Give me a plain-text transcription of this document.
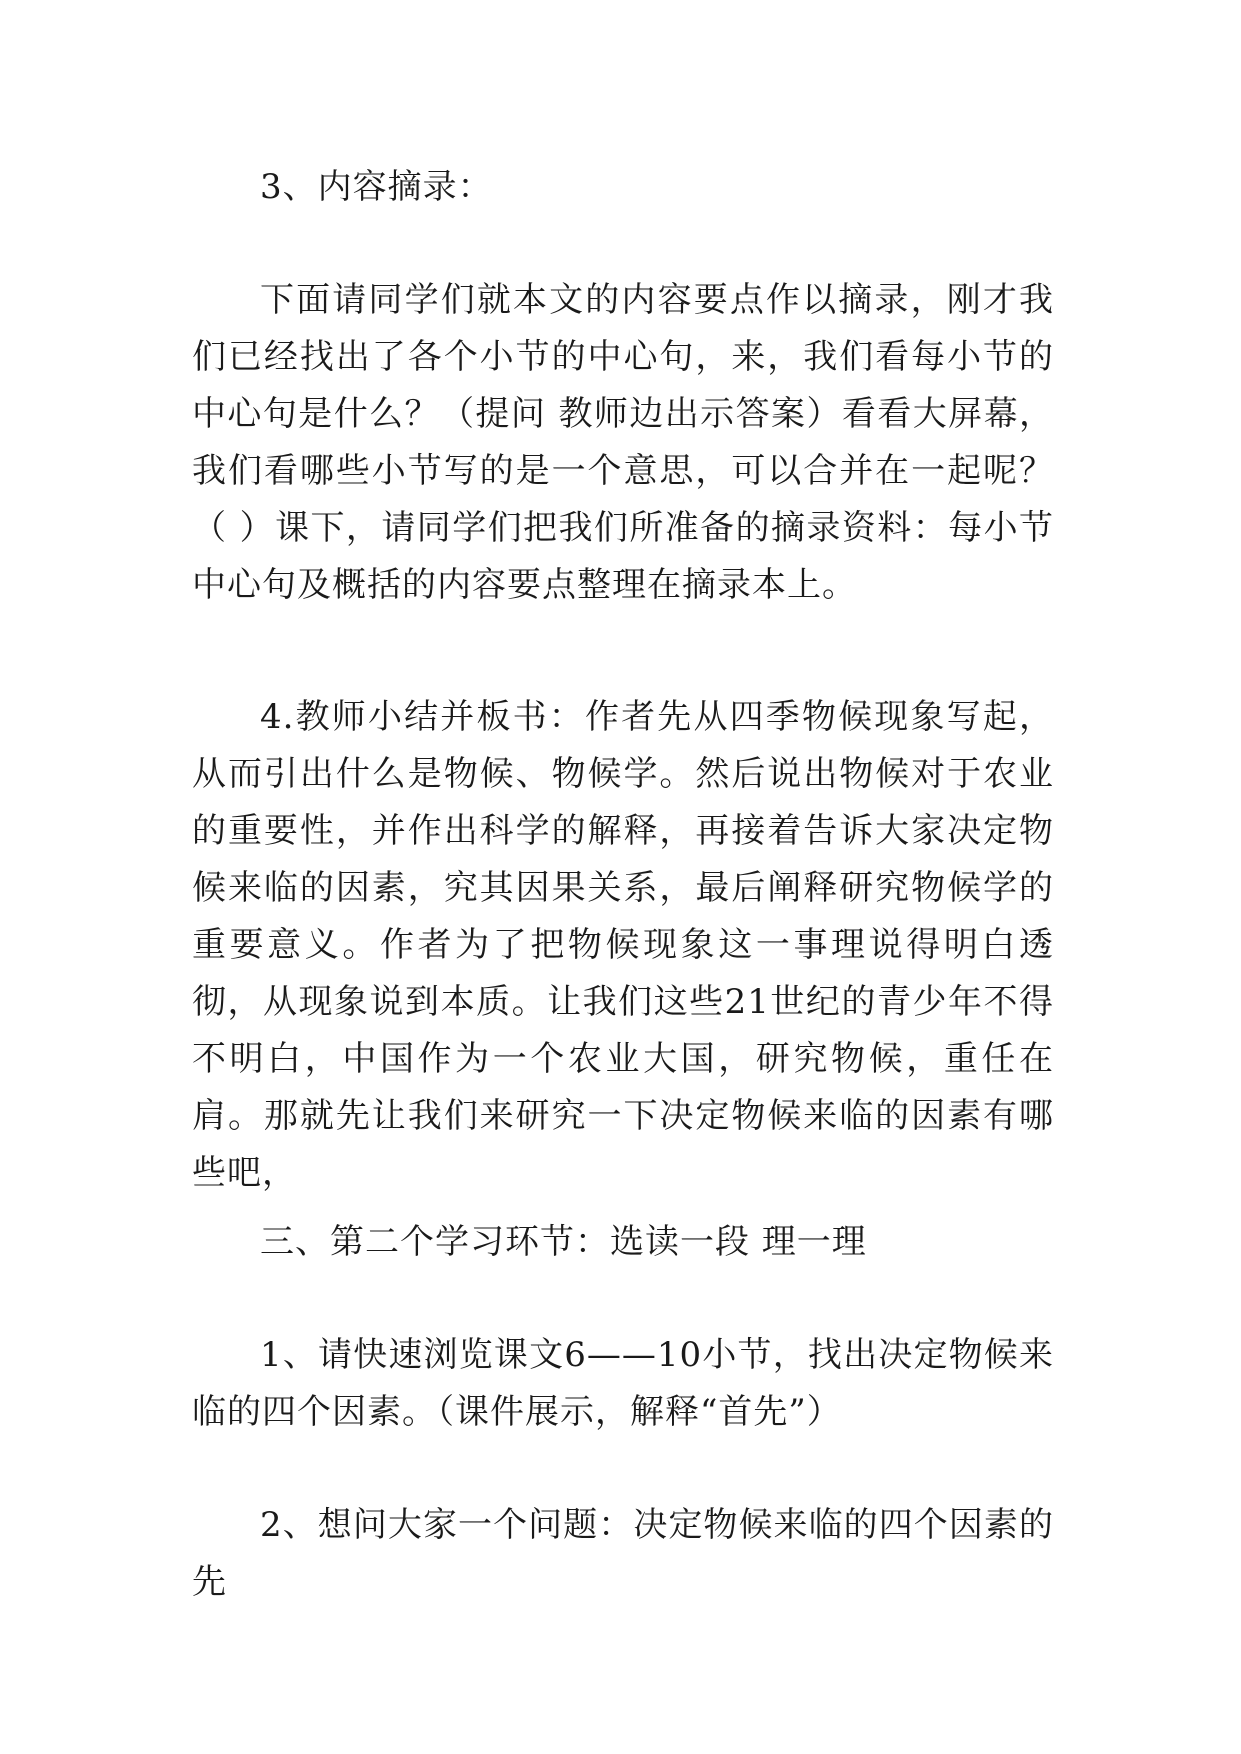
3、内容摘录：

下面请同学们就本文的内容要点作以摘录，刚才我们已经找出了各个小节的中心句，来，我们看每小节的中心句是什么？（提问 教师边出示答案）看看大屏幕，我们看哪些小节写的是一个意思，可以合并在一起呢？（ ）课下，请同学们把我们所准备的摘录资料：每小节中心句及概括的内容要点整理在摘录本上。

4.教师小结并板书：作者先从四季物候现象写起，从而引出什么是物候、物候学。然后说出物候对于农业的重要性，并作出科学的解释，再接着告诉大家决定物候来临的因素，究其因果关系，最后阐释研究物候学的重要意义。作者为了把物候现象这一事理说得明白透彻，从现象说到本质。让我们这些21世纪的青少年不得不明白，中国作为一个农业大国，研究物候，重任在肩。那就先让我们来研究一下决定物候来临的因素有哪些吧，

三、第二个学习环节：选读一段 理一理

1、请快速浏览课文6——10小节，找出决定物候来临的四个因素。（课件展示，解释“首先”）

2、想问大家一个问题：决定物候来临的四个因素的先
